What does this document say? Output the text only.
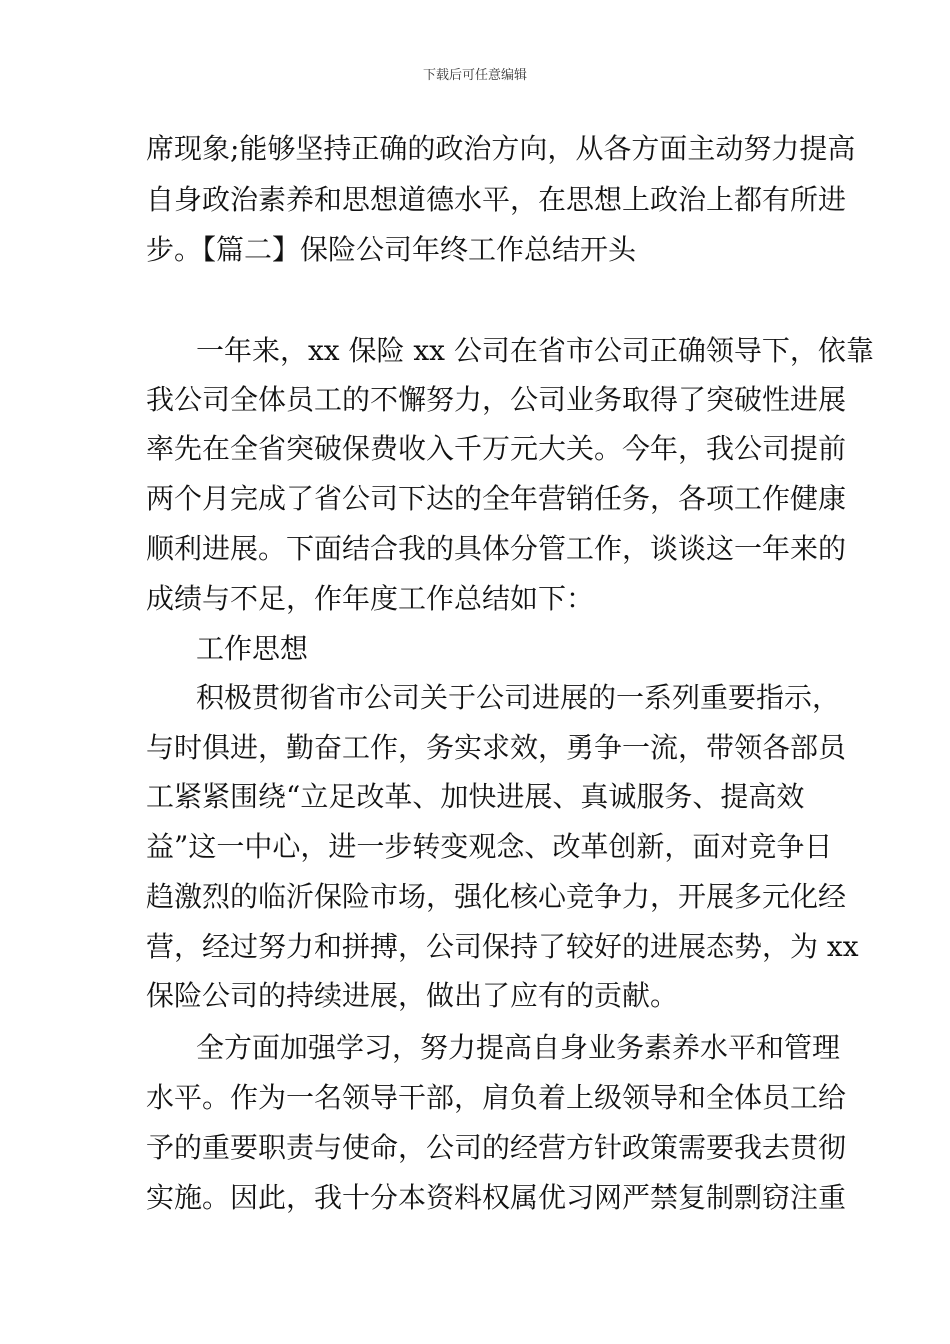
下载后可任意编辑
席现象;能够坚持正确的政治方向，从各方面主动努力提高
自身政治素养和思想道德水平，在思想上政治上都有所进
步。【篇二】保险公司年终工作总结开头
一年来，xx 保险 xx 公司在省市公司正确领导下，依靠
我公司全体员工的不懈努力，公司业务取得了突破性进展
率先在全省突破保费收入千万元大关。今年，我公司提前
两个月完成了省公司下达的全年营销任务，各项工作健康
顺利进展。下面结合我的具体分管工作，谈谈这一年来的
成绩与不足，作年度工作总结如下：
工作思想
积极贯彻省市公司关于公司进展的一系列重要指示，
与时俱进，勤奋工作，务实求效，勇争一流，带领各部员
工紧紧围绕“立足改革、加快进展、真诚服务、提高效
益”这一中心，进一步转变观念、改革创新，面对竞争日
趋激烈的临沂保险市场，强化核心竞争力，开展多元化经
营，经过努力和拼搏，公司保持了较好的进展态势，为 xx
保险公司的持续进展，做出了应有的贡献。
全方面加强学习，努力提高自身业务素养水平和管理
水平。作为一名领导干部，肩负着上级领导和全体员工给
予的重要职责与使命，公司的经营方针政策需要我去贯彻
实施。因此，我十分本资料权属优习网严禁复制剽窃注重
